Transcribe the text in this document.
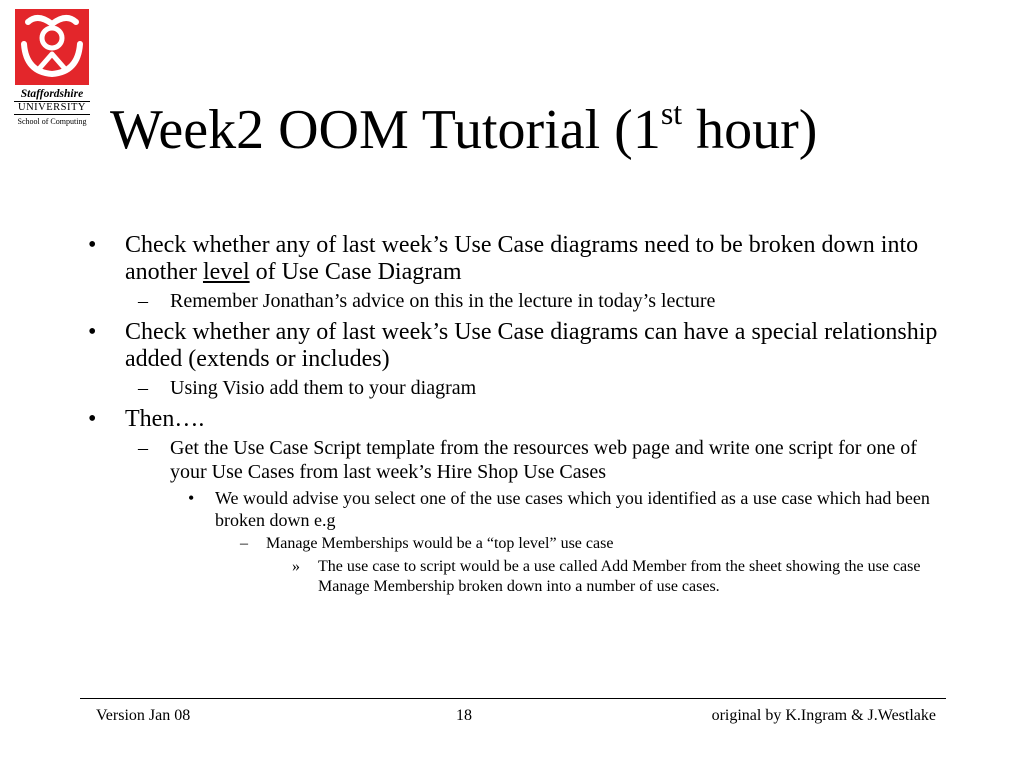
Staffordshire
UNIVERSITY
School of Computing Week2 OOM Tutorial (1st hour)
• Check whether any of last week’s Use Case diagrams need to be broken down into another level of Use Case Diagram
– Remember Jonathan’s advice on this in the lecture in today’s lecture
• Check whether any of last week’s Use Case diagrams can have a special relationship added (extends or includes)
– Using Visio add them to your diagram
• Then….
– Get the Use Case Script template from the resources web page and write one script for one of your Use Cases from last week’s Hire Shop Use Cases
• We would advise you select one of the use cases which you identified as a use case which had been broken down e.g
– Manage Memberships would be a “top level” use case
» The use case to script would be a use called Add Member from the sheet showing the use case Manage Membership broken down into a number of use cases.
Version Jan 08	18	original by K.Ingram & J.Westlake
